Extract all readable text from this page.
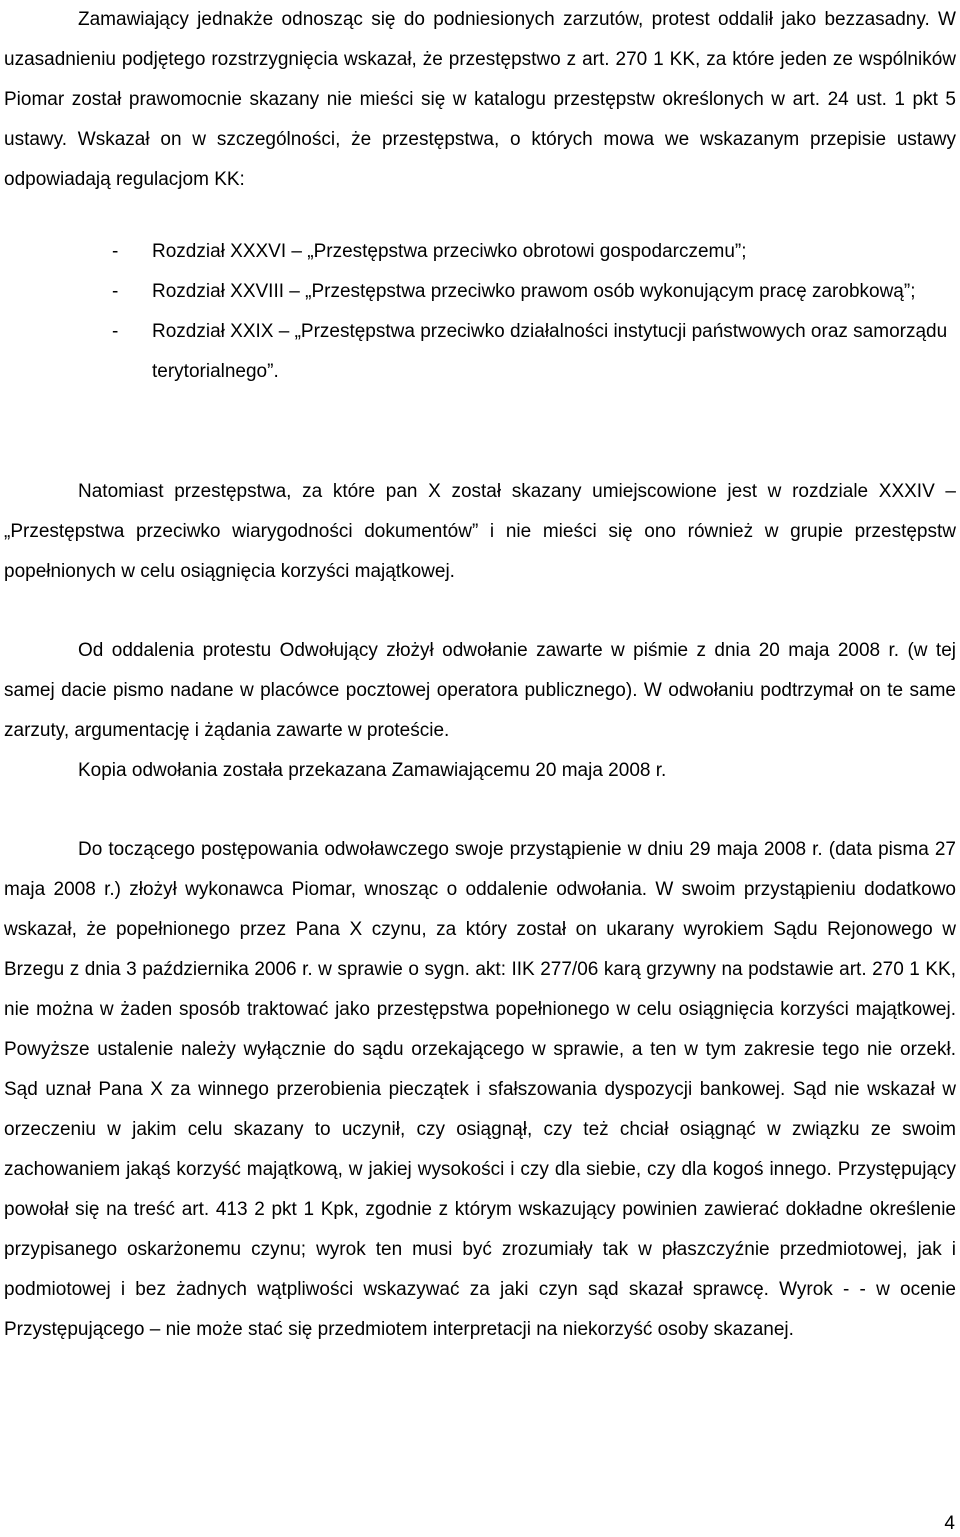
Zamawiający jednakże odnosząc się do podniesionych zarzutów, protest oddalił jako bezzasadny. W uzasadnieniu podjętego rozstrzygnięcia wskazał, że przestępstwo z art. 270 1 KK, za które jeden ze wspólników Piomar został prawomocnie skazany nie mieści się w katalogu przestępstw określonych w art. 24 ust. 1 pkt 5 ustawy. Wskazał on w szczególności, że przestępstwa, o których mowa we wskazanym przepisie ustawy odpowiadają regulacjom KK:

- Rozdział XXXVI – „Przestępstwa przeciwko obrotowi gospodarczemu”;
- Rozdział XXVIII – „Przestępstwa przeciwko prawom osób wykonującym pracę zarobkową”;
- Rozdział XXIX – „Przestępstwa przeciwko działalności instytucji państwowych oraz samorządu terytorialnego”.

Natomiast przestępstwa, za które pan X został skazany umiejscowione jest w rozdziale XXXIV – „Przestępstwa przeciwko wiarygodności dokumentów” i nie mieści się ono również w grupie przestępstw popełnionych w celu osiągnięcia korzyści majątkowej.

Od oddalenia protestu Odwołujący złożył odwołanie zawarte w piśmie z dnia 20 maja 2008 r. (w tej samej dacie pismo nadane w placówce pocztowej operatora publicznego). W odwołaniu podtrzymał on te same zarzuty, argumentację i żądania zawarte w proteście.
Kopia odwołania została przekazana Zamawiającemu 20 maja 2008 r.

Do toczącego postępowania odwoławczego swoje przystąpienie w dniu 29 maja 2008 r. (data pisma 27 maja 2008 r.) złożył wykonawca Piomar, wnosząc o oddalenie odwołania. W swoim przystąpieniu dodatkowo wskazał, że popełnionego przez Pana X czynu, za który został on ukarany wyrokiem Sądu Rejonowego w Brzegu z dnia 3 października 2006 r. w sprawie o sygn. akt: IIK 277/06 karą grzywny na podstawie art. 270 1 KK, nie można w żaden sposób traktować jako przestępstwa popełnionego w celu osiągnięcia korzyści majątkowej. Powyższe ustalenie należy wyłącznie do sądu orzekającego w sprawie, a ten w tym zakresie tego nie orzekł. Sąd uznał Pana X za winnego przerobienia pieczątek i sfałszowania dyspozycji bankowej. Sąd nie wskazał w orzeczeniu w jakim celu skazany to uczynił, czy osiągnął, czy też chciał osiągnąć w związku ze swoim zachowaniem jakąś korzyść majątkową, w jakiej wysokości i czy dla siebie, czy dla kogoś innego. Przystępujący powołał się na treść art. 413 2 pkt 1 Kpk, zgodnie z którym wskazujący powinien zawierać dokładne określenie przypisanego oskarżonemu czynu; wyrok ten musi być zrozumiały tak w płaszczyźnie przedmiotowej, jak i podmiotowej i bez żadnych wątpliwości wskazywać za jaki czyn sąd skazał sprawcę. Wyrok - - w ocenie Przystępującego – nie może stać się przedmiotem interpretacji na niekorzyść osoby skazanej.

4
